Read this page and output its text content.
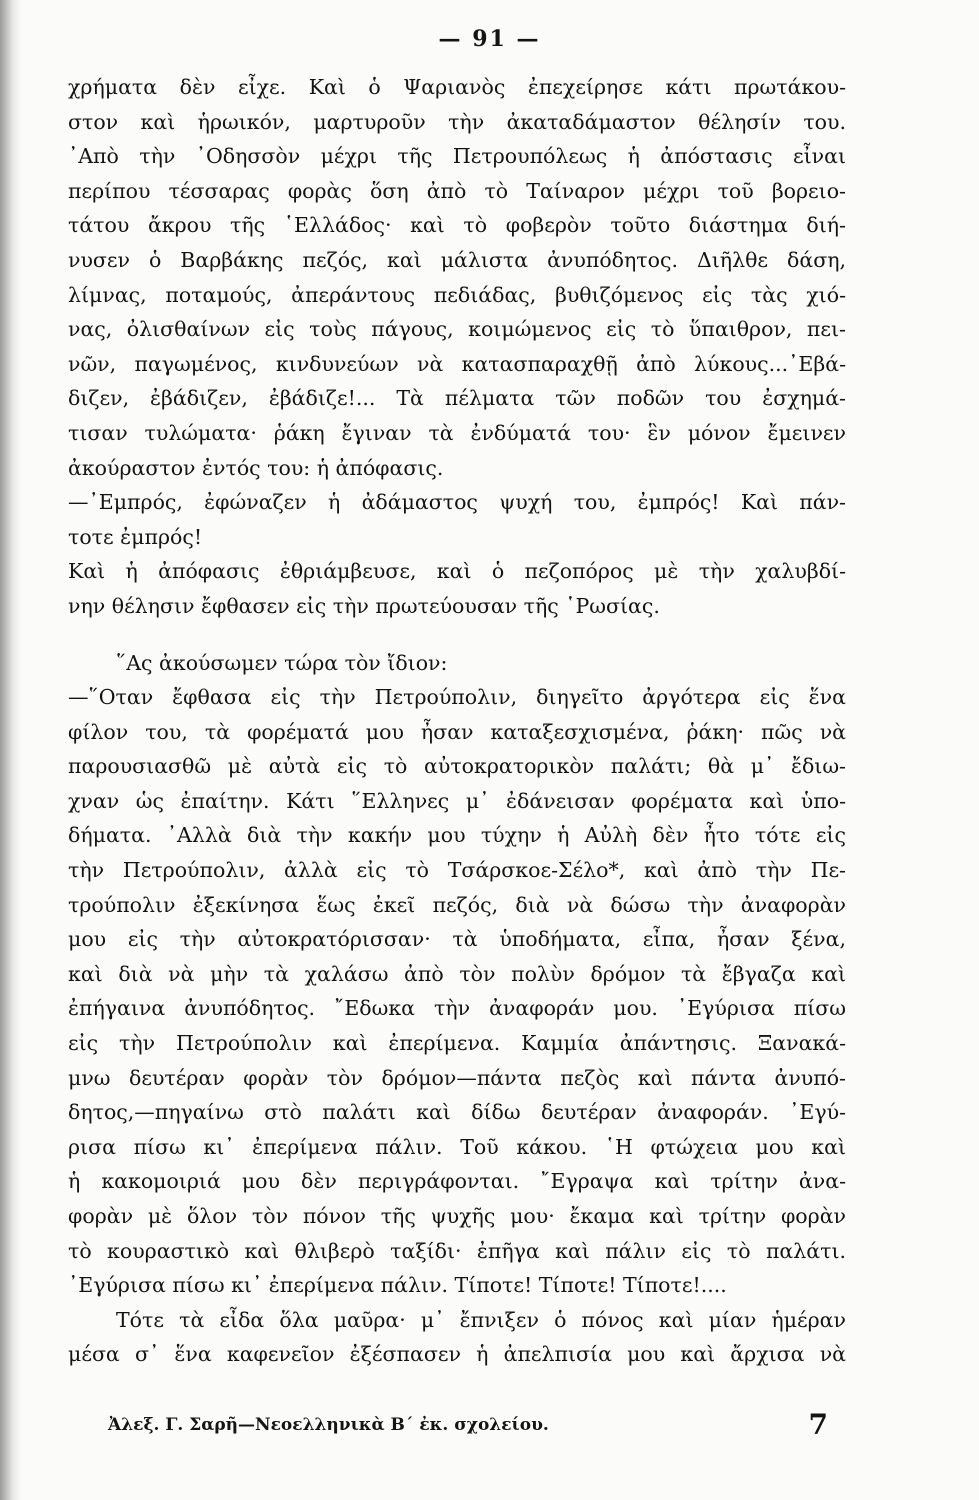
— 91 —
χρήματα δὲν εἶχε. Καὶ ὁ Ψαριανὸς ἐπεχείρησε κάτι πρωτάκου-
στον καὶ ἡρωικόν, μαρτυροῦν τὴν ἀκαταδάμαστον θέλησίν του.
᾽Απὸ τὴν ᾽Οδησσὸν μέχρι τῆς Πετρουπόλεως ἡ ἀπόστασις εἶναι
περίπου τέσσαρας φορὰς ὅση ἀπὸ τὸ Ταίναρον μέχρι τοῦ βορειο-
τάτου ἄκρου τῆς ῾Ελλάδος· καὶ τὸ φοβερὸν τοῦτο διάστημα διή-
νυσεν ὁ Βαρβάκης πεζός, καὶ μάλιστα ἀνυπόδητος. Διῆλθε δάση,
λίμνας, ποταμούς, ἀπεράντους πεδιάδας, βυθιζόμενος εἰς τὰς χιό-
νας, ὀλισθαίνων εἰς τοὺς πάγους, κοιμώμενος εἰς τὸ ὕπαιθρον, πει-
νῶν, παγωμένος, κινδυνεύων νὰ κατασπαραχθῇ ἀπὸ λύκους...᾽Εβά-
διζεν, ἐβάδιζεν, ἐβάδιζε!... Τὰ πέλματα τῶν ποδῶν του ἐσχημά-
τισαν τυλώματα· ῥάκη ἔγιναν τὰ ἐνδύματά του· ἓν μόνον ἔμεινεν
ἀκούραστον ἐντός του: ἡ ἀπόφασις.
—᾽Εμπρός, ἐφώναζεν ἡ ἀδάμαστος ψυχή του, ἐμπρός! Καὶ πάν-
τοτε ἐμπρός!
Καὶ ἡ ἀπόφασις ἐθριάμβευσε, καὶ ὁ πεζοπόρος μὲ τὴν χαλυβδί-
νην θέλησιν ἔφθασεν εἰς τὴν πρωτεύουσαν τῆς ῾Ρωσίας.
῞Ας ἀκούσωμεν τώρα τὸν ἴδιον:
—῞Οταν ἔφθασα εἰς τὴν Πετρούπολιν, διηγεῖτο ἀργότερα εἰς ἕνα
φίλον του, τὰ φορέματά μου ἦσαν καταξεσχισμένα, ῥάκη· πῶς νὰ
παρουσιασθῶ μὲ αὐτὰ εἰς τὸ αὐτοκρατορικὸν παλάτι; θὰ μ᾽ ἔδιω-
χναν ὡς ἐπαίτην. Κάτι ῞Ελληνες μ᾽ ἐδάνεισαν φορέματα καὶ ὑπο-
δήματα. ᾽Αλλὰ διὰ τὴν κακήν μου τύχην ἡ Αὐλὴ δὲν ἦτο τότε εἰς
τὴν Πετρούπολιν, ἀλλὰ εἰς τὸ Τσάρσκοε-Σέλο*, καὶ ἀπὸ τὴν Πε-
τρούπολιν ἐξεκίνησα ἕως ἐκεῖ πεζός, διὰ νὰ δώσω τὴν ἀναφορὰν
μου εἰς τὴν αὐτοκρατόρισσαν· τὰ ὑποδήματα, εἶπα, ἦσαν ξένα,
καὶ διὰ νὰ μὴν τὰ χαλάσω ἀπὸ τὸν πολὺν δρόμον τὰ ἔβγαζα καὶ
ἐπήγαινα ἀνυπόδητος. ῎Εδωκα τὴν ἀναφοράν μου. ᾽Εγύρισα πίσω
εἰς τὴν Πετρούπολιν καὶ ἐπερίμενα. Καμμία ἀπάντησις. Ξανακά-
μνω δευτέραν φορὰν τὸν δρόμον—πάντα πεζὸς καὶ πάντα ἀνυπό-
δητος,—πηγαίνω στὸ παλάτι καὶ δίδω δευτέραν ἀναφοράν. ᾽Εγύ-
ρισα πίσω κι᾽ ἐπερίμενα πάλιν. Τοῦ κάκου. ῾Η φτώχεια μου καὶ
ἡ κακομοιριά μου δὲν περιγράφονται. ῎Εγραψα καὶ τρίτην ἀνα-
φορὰν μὲ ὅλον τὸν πόνον τῆς ψυχῆς μου· ἔκαμα καὶ τρίτην φορὰν
τὸ κουραστικὸ καὶ θλιβερὸ ταξίδι· ἐπῆγα καὶ πάλιν εἰς τὸ παλάτι.
᾽Εγύρισα πίσω κι᾽ ἐπερίμενα πάλιν. Τίποτε! Τίποτε! Τίποτε!....
Τότε τὰ εἶδα ὅλα μαῦρα· μ᾽ ἔπνιξεν ὁ πόνος καὶ μίαν ἡμέραν
μέσα σ᾽ ἕνα καφενεῖον ἐξέσπασεν ἡ ἀπελπισία μου καὶ ἄρχισα νὰ
Ἀλεξ. Γ. Σαρῆ—Νεοελληνικὰ Β´ ἐκ. σχολείου.	7
